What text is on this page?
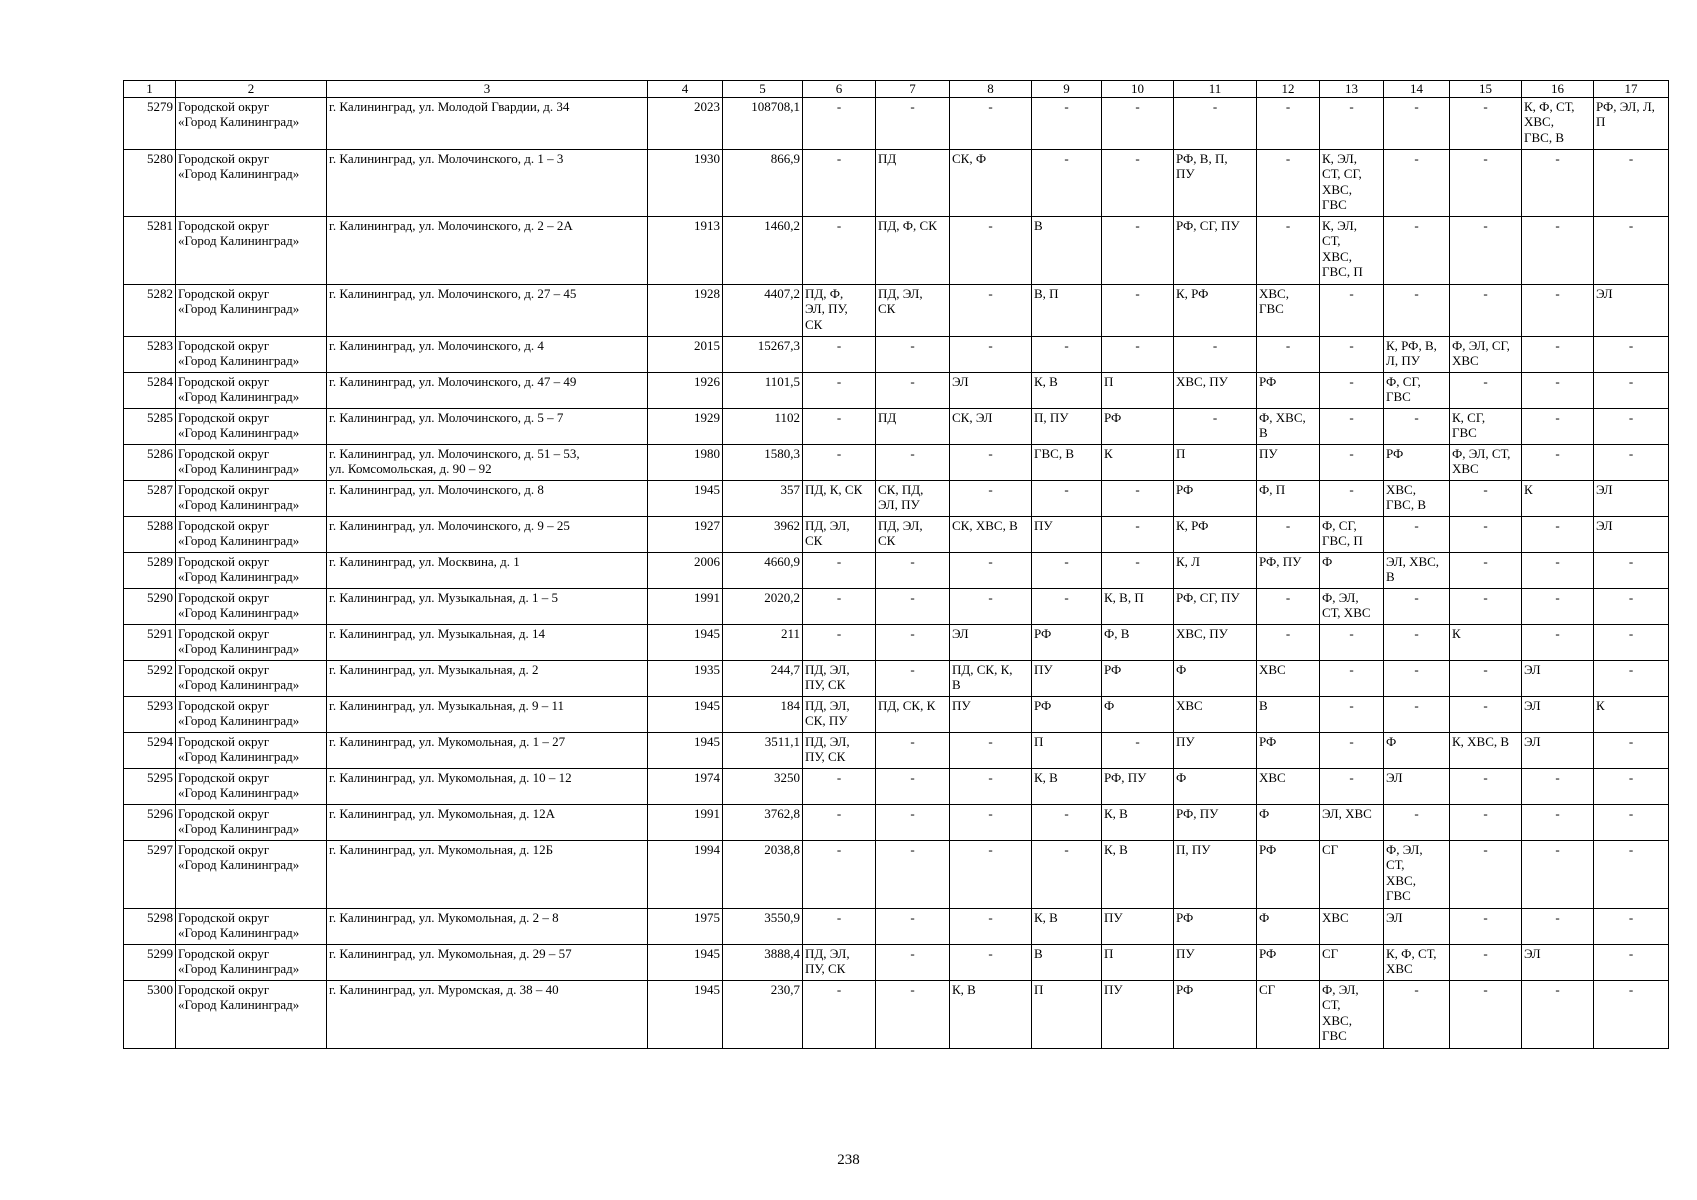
1	2	3	4	5	6	7	8	9	10	11	12	13	14	15	16	17
5279	Городской округ
«Город Калининград»	г. Калининград, ул. Молодой Гвардии, д. 34	2023	108708,1	-	-	-	-	-	-	-	-	-	-	К, Ф, СТ,
ХВС,
ГВС, В	РФ, ЭЛ, Л,
П
5280	Городской округ
«Город Калининград»	г. Калининград, ул. Молочинского, д. 1 – 3	1930	866,9	-	ПД	СК, Ф	-	-	РФ, В, П,
ПУ	-	К, ЭЛ,
СТ, СГ,
ХВС,
ГВС	-	-	-	-
5281	Городской округ
«Город Калининград»	г. Калининград, ул. Молочинского, д. 2 – 2А	1913	1460,2	-	ПД, Ф, СК	-	В	-	РФ, СГ, ПУ	-	К, ЭЛ,
СТ,
ХВС,
ГВС, П	-	-	-	-
5282	Городской округ
«Город Калининград»	г. Калининград, ул. Молочинского, д. 27 – 45	1928	4407,2	ПД, Ф,
ЭЛ, ПУ,
СК	ПД, ЭЛ,
СК	-	В, П	-	К, РФ	ХВС,
ГВС	-	-	-	-	ЭЛ
5283	Городской округ
«Город Калининград»	г. Калининград, ул. Молочинского, д. 4	2015	15267,3	-	-	-	-	-	-	-	-	К, РФ, В,
Л, ПУ	Ф, ЭЛ, СГ,
ХВС	-	-
5284	Городской округ
«Город Калининград»	г. Калининград, ул. Молочинского, д. 47 – 49	1926	1101,5	-	-	ЭЛ	К, В	П	ХВС, ПУ	РФ	-	Ф, СГ,
ГВС	-	-	-
5285	Городской округ
«Город Калининград»	г. Калининград, ул. Молочинского, д. 5 – 7	1929	1102	-	ПД	СК, ЭЛ	П, ПУ	РФ	-	Ф, ХВС,
В	-	-	К, СГ,
ГВС	-	-
5286	Городской округ
«Город Калининград»	г. Калининград, ул. Молочинского, д. 51 – 53,
ул. Комсомольская, д. 90 – 92	1980	1580,3	-	-	-	ГВС, В	К	П	ПУ	-	РФ	Ф, ЭЛ, СТ,
ХВС	-	-
5287	Городской округ
«Город Калининград»	г. Калининград, ул. Молочинского, д. 8	1945	357	ПД, К, СК	СК, ПД,
ЭЛ, ПУ	-	-	-	РФ	Ф, П	-	ХВС,
ГВС, В	-	К	ЭЛ
5288	Городской округ
«Город Калининград»	г. Калининград, ул. Молочинского, д. 9 – 25	1927	3962	ПД, ЭЛ,
СК	ПД, ЭЛ,
СК	СК, ХВС, В	ПУ	-	К, РФ	-	Ф, СГ,
ГВС, П	-	-	-	ЭЛ
5289	Городской округ
«Город Калининград»	г. Калининград, ул. Москвина, д. 1	2006	4660,9	-	-	-	-	-	К, Л	РФ, ПУ	Ф	ЭЛ, ХВС,
В	-	-	-
5290	Городской округ
«Город Калининград»	г. Калининград, ул. Музыкальная, д. 1 – 5	1991	2020,2	-	-	-	-	К, В, П	РФ, СГ, ПУ	-	Ф, ЭЛ,
СТ, ХВС	-	-	-	-
5291	Городской округ
«Город Калининград»	г. Калининград, ул. Музыкальная, д. 14	1945	211	-	-	ЭЛ	РФ	Ф, В	ХВС, ПУ	-	-	-	К	-	-
5292	Городской округ
«Город Калининград»	г. Калининград, ул. Музыкальная, д. 2	1935	244,7	ПД, ЭЛ,
ПУ, СК	-	ПД, СК, К,
В	ПУ	РФ	Ф	ХВС	-	-	-	ЭЛ	-
5293	Городской округ
«Город Калининград»	г. Калининград, ул. Музыкальная, д. 9 – 11	1945	184	ПД, ЭЛ,
СК, ПУ	ПД, СК, К	ПУ	РФ	Ф	ХВС	В	-	-	-	ЭЛ	К
5294	Городской округ
«Город Калининград»	г. Калининград, ул. Мукомольная, д. 1 – 27	1945	3511,1	ПД, ЭЛ,
ПУ, СК	-	-	П	-	ПУ	РФ	-	Ф	К, ХВС, В	ЭЛ	-
5295	Городской округ
«Город Калининград»	г. Калининград, ул. Мукомольная, д. 10 – 12	1974	3250	-	-	-	К, В	РФ, ПУ	Ф	ХВС	-	ЭЛ	-	-	-
5296	Городской округ
«Город Калининград»	г. Калининград, ул. Мукомольная, д. 12А	1991	3762,8	-	-	-	-	К, В	РФ, ПУ	Ф	ЭЛ, ХВС	-	-	-	-
5297	Городской округ
«Город Калининград»	г. Калининград, ул. Мукомольная, д. 12Б	1994	2038,8	-	-	-	-	К, В	П, ПУ	РФ	СГ	Ф, ЭЛ,
СТ,
ХВС,
ГВС	-	-	-
5298	Городской округ
«Город Калининград»	г. Калининград, ул. Мукомольная, д. 2 – 8	1975	3550,9	-	-	-	К, В	ПУ	РФ	Ф	ХВС	ЭЛ	-	-	-
5299	Городской округ
«Город Калининград»	г. Калининград, ул. Мукомольная, д. 29 – 57	1945	3888,4	ПД, ЭЛ,
ПУ, СК	-	-	В	П	ПУ	РФ	СГ	К, Ф, СТ,
ХВС	-	ЭЛ	-
5300	Городской округ
«Город Калининград»	г. Калининград, ул. Муромская, д. 38 – 40	1945	230,7	-	-	К, В	П	ПУ	РФ	СГ	Ф, ЭЛ,
СТ,
ХВС,
ГВС	-	-	-	-
238
